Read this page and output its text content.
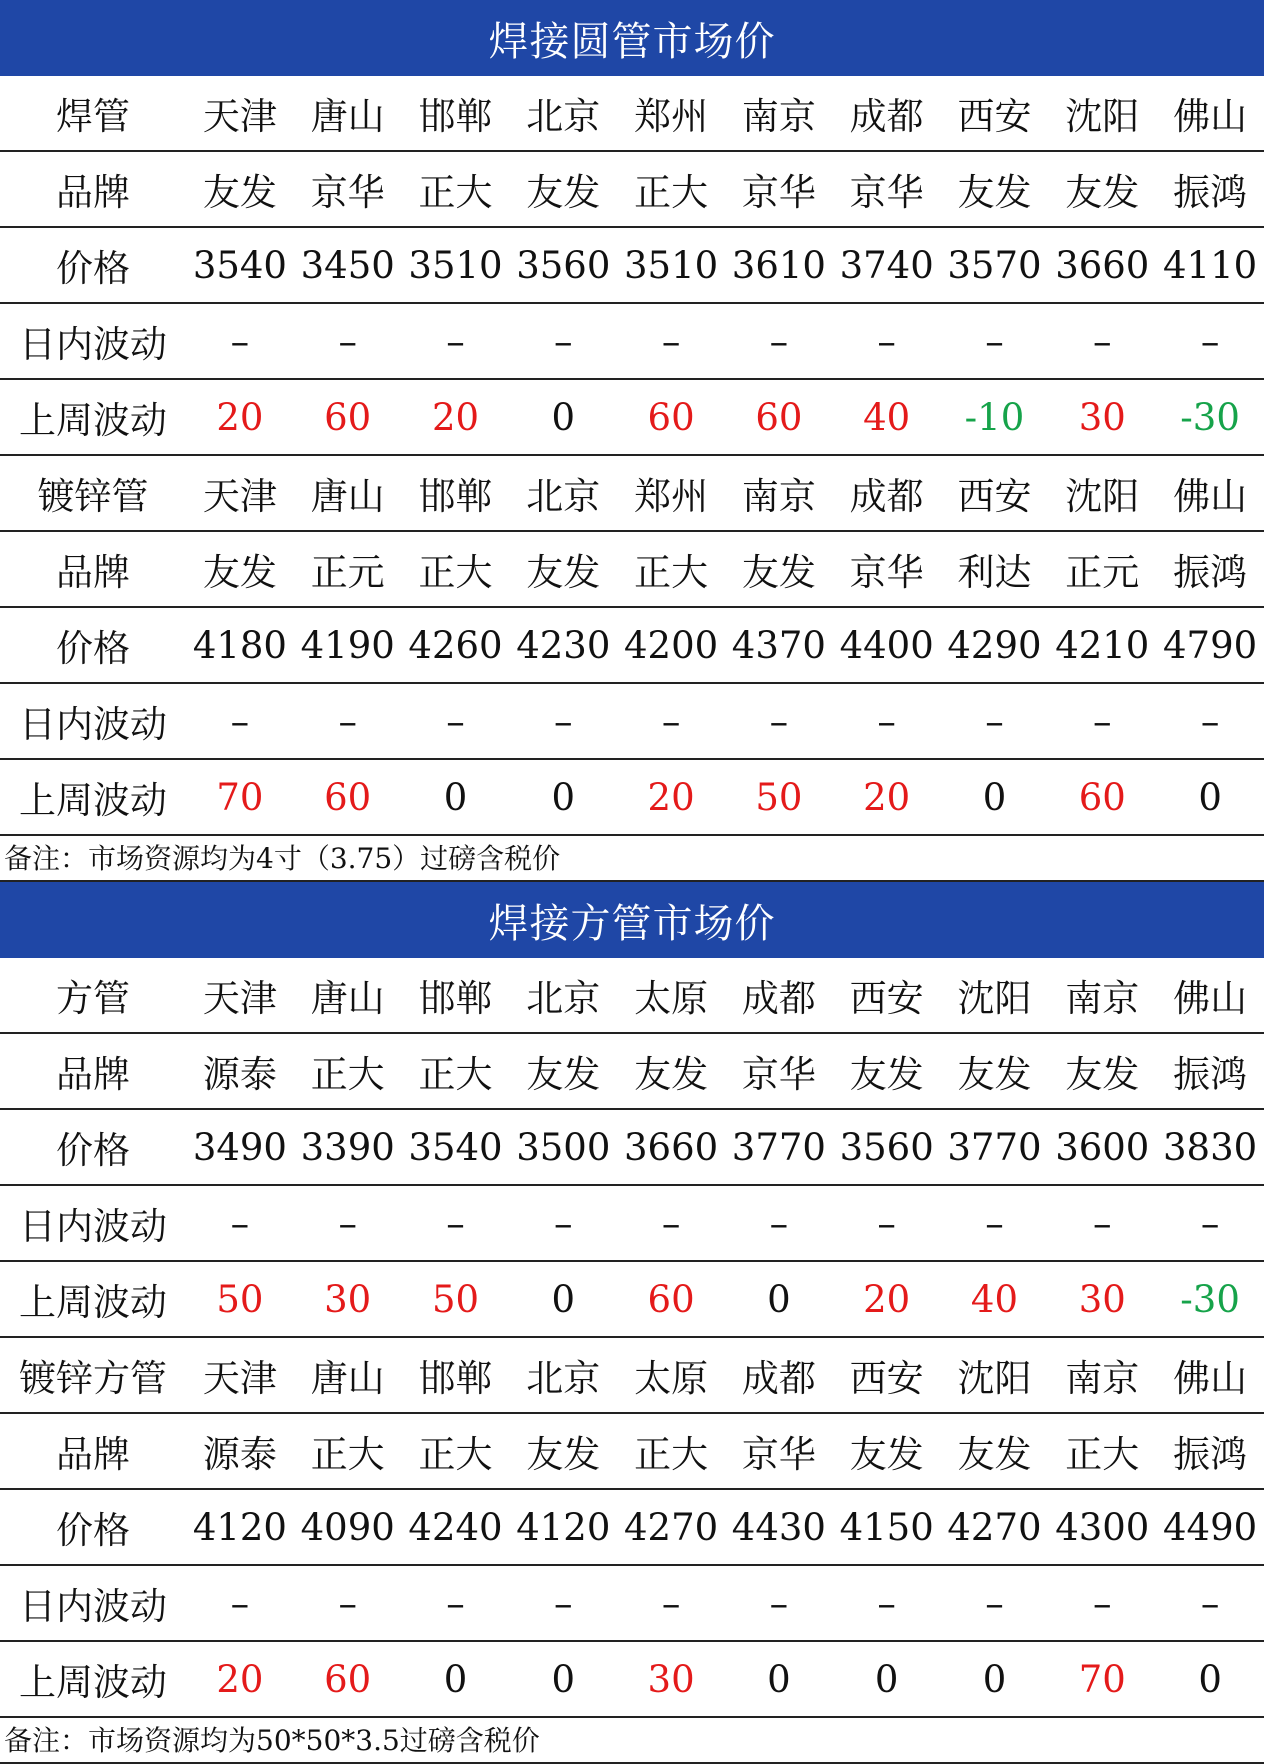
焊接圆管市场价
焊管	天津	唐山	邯郸	北京	郑州	南京	成都	西安	沈阳	佛山
品牌	友发	京华	正大	友发	正大	京华	京华	友发	友发	振鸿
价格	3540	3450	3510	3560	3510	3610	3740	3570	3660	4110
日内波动	–	–	–	–	–	–	–	–	–	–
上周波动	20	60	20	0	60	60	40	-10	30	-30
镀锌管	天津	唐山	邯郸	北京	郑州	南京	成都	西安	沈阳	佛山
品牌	友发	正元	正大	友发	正大	友发	京华	利达	正元	振鸿
价格	4180	4190	4260	4230	4200	4370	4400	4290	4210	4790
日内波动	–	–	–	–	–	–	–	–	–	–
上周波动	70	60	0	0	20	50	20	0	60	0
备注：市场资源均为4寸（3.75）过磅含税价
焊接方管市场价
方管	天津	唐山	邯郸	北京	太原	成都	西安	沈阳	南京	佛山
品牌	源泰	正大	正大	友发	友发	京华	友发	友发	友发	振鸿
价格	3490	3390	3540	3500	3660	3770	3560	3770	3600	3830
日内波动	–	–	–	–	–	–	–	–	–	–
上周波动	50	30	50	0	60	0	20	40	30	-30
镀锌方管	天津	唐山	邯郸	北京	太原	成都	西安	沈阳	南京	佛山
品牌	源泰	正大	正大	友发	正大	京华	友发	友发	正大	振鸿
价格	4120	4090	4240	4120	4270	4430	4150	4270	4300	4490
日内波动	–	–	–	–	–	–	–	–	–	–
上周波动	20	60	0	0	30	0	0	0	70	0
备注：市场资源均为50*50*3.5过磅含税价
